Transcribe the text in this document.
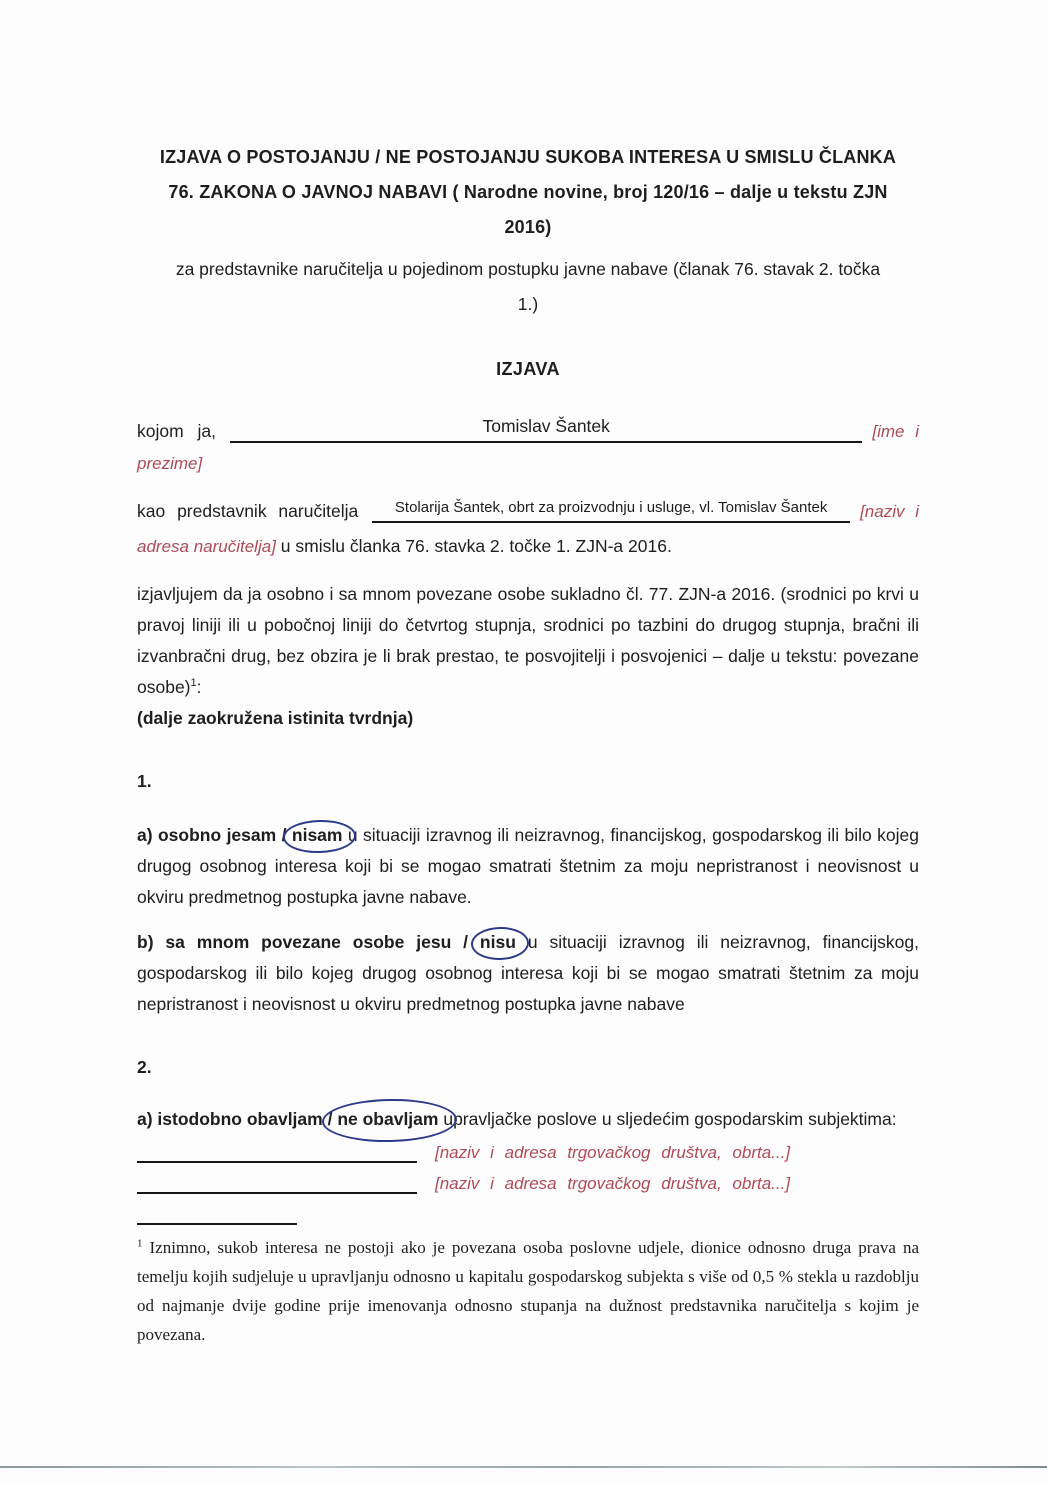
IZJAVA O POSTOJANJU / NE POSTOJANJU SUKOBA INTERESA U SMISLU ČLANKA
76. ZAKONA O JAVNOJ NABAVI ( Narodne novine, broj 120/16 – dalje u tekstu ZJN
2016)
za predstavnike naručitelja u pojedinom postupku javne nabave (članak 76. stavak 2. točka
1.)
IZJAVA
kojom ja,	Tomislav Šantek	[ime i
prezime]
kao predstavnik naručitelja	Stolarija Šantek, obrt za proizvodnju i usluge, vl. Tomislav Šantek	[naziv i
adresa naručitelja] u smislu članka 76. stavka 2. točke 1. ZJN-a 2016.
izjavljujem da ja osobno i sa mnom povezane osobe sukladno čl. 77. ZJN-a 2016. (srodnici po krvi u pravoj liniji ili u pobočnoj liniji do četvrtog stupnja, srodnici po tazbini do drugog stupnja, bračni ili izvanbračni drug, bez obzira je li brak prestao, te posvojitelji i posvojenici – dalje u tekstu: povezane osobe)$^1$:
(dalje zaokružena istinita tvrdnja)
1.
a) osobno jesam / nisam u situaciji izravnog ili neizravnog, financijskog, gospodarskog ili bilo kojeg drugog osobnog interesa koji bi se mogao smatrati štetnim za moju nepristranost i neovisnost u okviru predmetnog postupka javne nabave.
b) sa mnom povezane osobe jesu / nisu u situaciji izravnog ili neizravnog, financijskog, gospodarskog ili bilo kojeg drugog osobnog interesa koji bi se mogao smatrati štetnim za moju nepristranost i neovisnost u okviru predmetnog postupka javne nabave
2.
a) istodobno obavljam / ne obavljam upravljačke poslove u sljedećim gospodarskim subjektima:
[naziv i adresa trgovačkog društva, obrta...]
[naziv i adresa trgovačkog društva, obrta...]
$^1$ Iznimno, sukob interesa ne postoji ako je povezana osoba poslovne udjele, dionice odnosno druga prava na temelju kojih sudjeluje u upravljanju odnosno u kapitalu gospodarskog subjekta s više od 0,5 % stekla u razdoblju od najmanje dvije godine prije imenovanja odnosno stupanja na dužnost predstavnika naručitelja s kojim je povezana.
